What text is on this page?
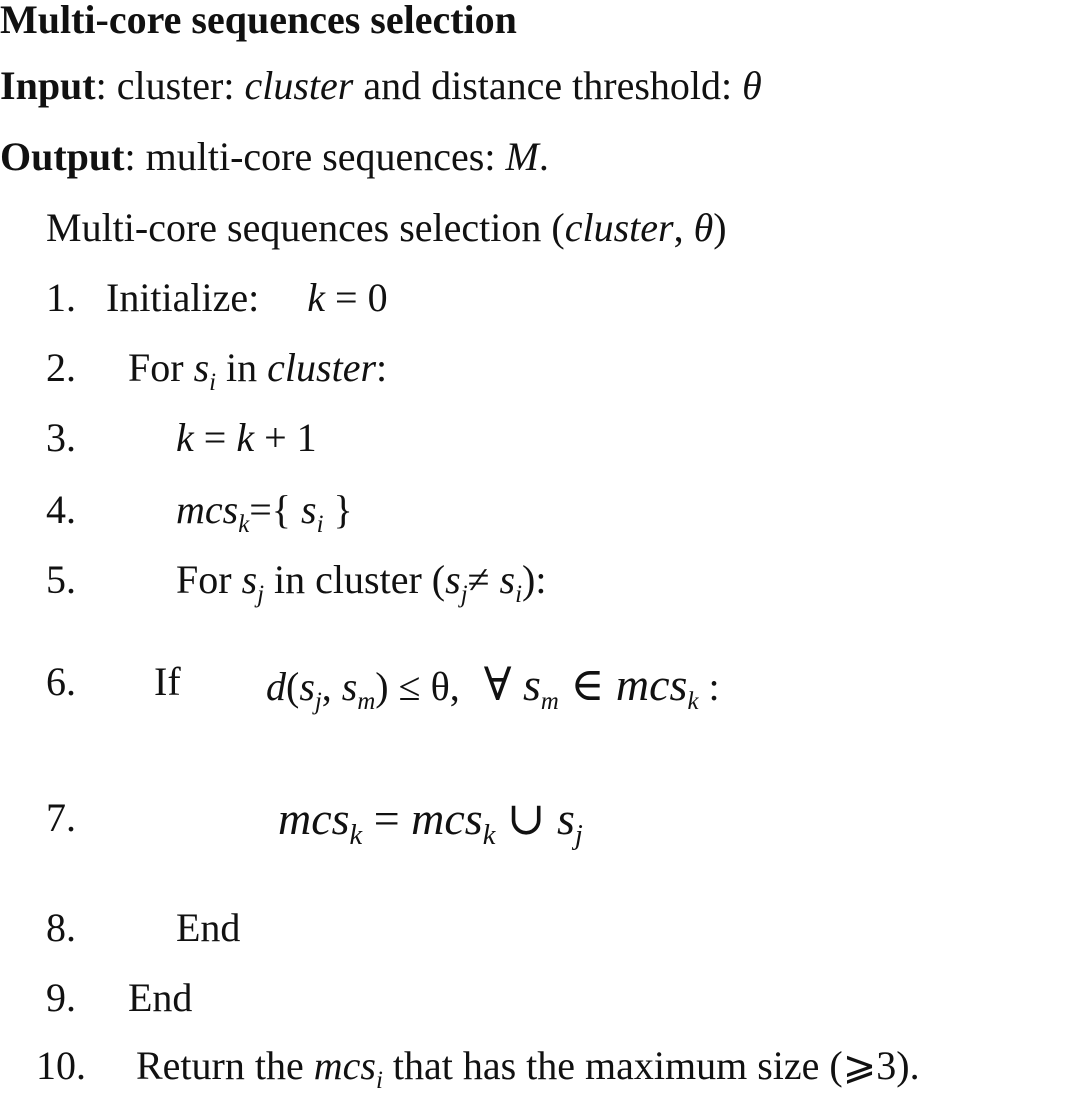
Multi-core sequences selection
Input: cluster: cluster and distance threshold: θ
Output: multi-core sequences: M.
Multi-core sequences selection (cluster, θ)
1. Initialize: k = 0
2. For $s_i$ in cluster:
3.	k = k + 1
4.	mcs$_k$={ $s_i$ }
5.	For $s_j$ in cluster $(s_j\ne s_i)$:
6. If $d(s_j$, $s_m) \le \theta$, ∀ $s_m$ ∈ mcs$_k$ :
7.	mcs$_k$ = mcs$_k$ ∪ $s_j$
8.	End
9. End
10. Return the mcs$_i$ that has the maximum size (⩾3).
